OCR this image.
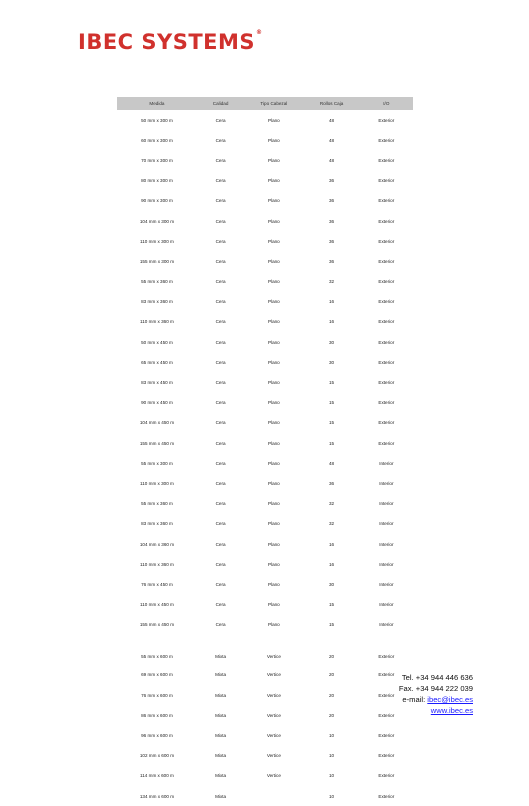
IBEC SYSTEMS®
Medida	Calidad	Tipo Cabezal	Rollos Caja	I/O
50 mm x 300 m	Cera	Plano	48	Exterior
60 mm x 300 m	Cera	Plano	48	Exterior
70 mm x 300 m	Cera	Plano	48	Exterior
80 mm x 300 m	Cera	Plano	36	Exterior
90 mm x 300 m	Cera	Plano	36	Exterior
104 mm x 300 m	Cera	Plano	36	Exterior
110 mm x 300 m	Cera	Plano	36	Exterior
155 mm x 300 m	Cera	Plano	36	Exterior
55 mm x 360 m	Cera	Plano	32	Exterior
83 mm x 360 m	Cera	Plano	16	Exterior
110 mm x 360 m	Cera	Plano	16	Exterior
50 mm x 450 m	Cera	Plano	30	Exterior
65 mm x 450 m	Cera	Plano	30	Exterior
83 mm x 450 m	Cera	Plano	15	Exterior
90 mm x 450 m	Cera	Plano	15	Exterior
104 mm x 450 m	Cera	Plano	15	Exterior
155 mm x 450 m	Cera	Plano	15	Exterior
55 mm x 300 m	Cera	Plano	48	Interior
110 mm x 300 m	Cera	Plano	36	Interior
55 mm x 360 m	Cera	Plano	32	Interior
83 mm x 360 m	Cera	Plano	32	Interior
104 mm x 360 m	Cera	Plano	16	Interior
110 mm x 360 m	Cera	Plano	16	Interior
76 mm x 450 m	Cera	Plano	30	Interior
110 mm x 450 m	Cera	Plano	15	Interior
155 mm x 450 m	Cera	Plano	15	Interior
55 mm x 600 m	Mixta	Vertice	20	Exterior
69 mm x 600 m	Mixta	Vertice	20	Exterior
76 mm x 600 m	Mixta	Vertice	20	Exterior
86 mm x 600 m	Mixta	Vertice	20	Exterior
96 mm x 600 m	Mixta	Vertice	10	Exterior
102 mm x 600 m	Mixta	Vertice	10	Exterior
114 mm x 600 m	Mixta	Vertice	10	Exterior
134 mm x 600 m	Mixta		10	Exterior
Tel. +34 944 446 636
Fax. +34 944 222 039
e-mail: ibec@ibec.es
www.ibec.es
